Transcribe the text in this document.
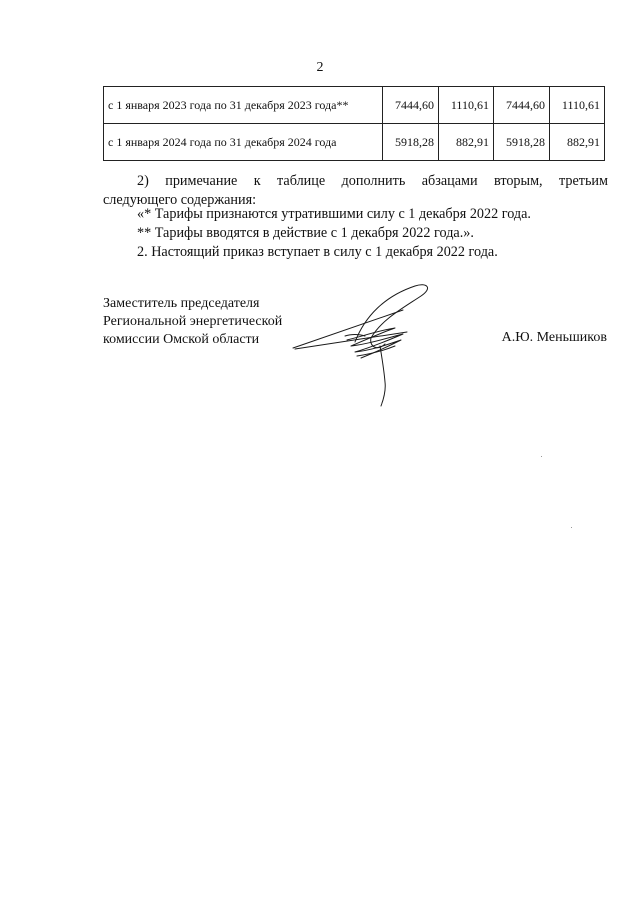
2
с 1 января 2023 года по 31 декабря 2023 года**	7444,60	1110,61	7444,60	1110,61
с 1 января 2024 года по 31 декабря 2024 года	5918,28	882,91	5918,28	882,91
2) примечание к таблице дополнить абзацами вторым, третьим
следующего содержания:
«* Тарифы признаются утратившими силу с 1 декабря 2022 года.
** Тарифы вводятся в действие с 1 декабря 2022 года.».
2. Настоящий приказ вступает в силу с 1 декабря 2022 года.
Заместитель председателя
Региональной энергетической
комиссии Омской области	А.Ю. Меньшиков
